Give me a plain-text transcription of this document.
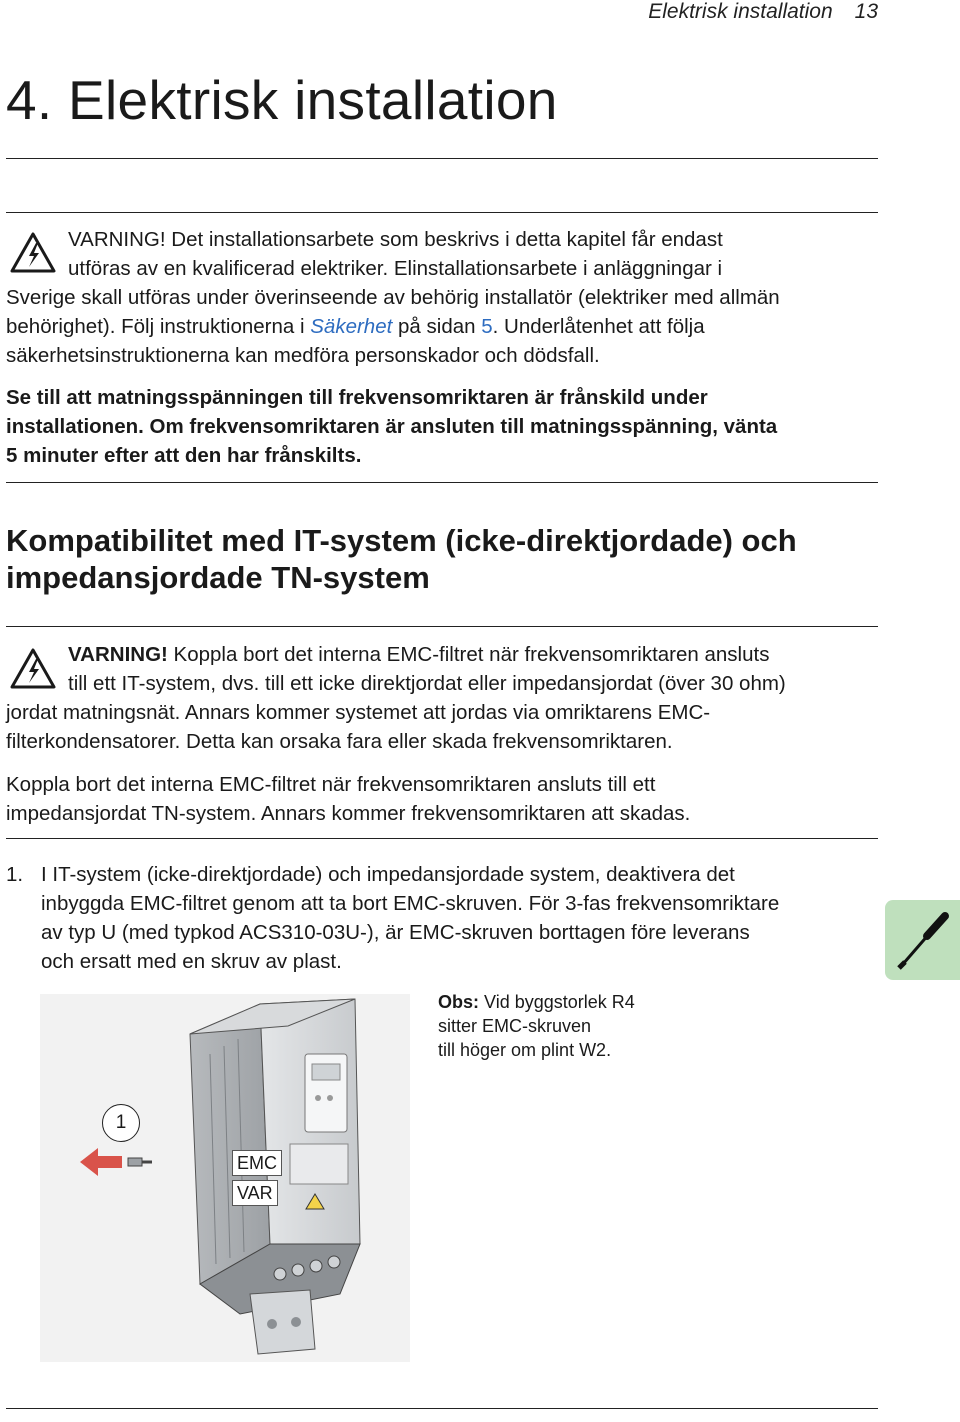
Elektrisk installation 13
4. Elektrisk installation
VARNING! Det installationsarbete som beskrivs i detta kapitel får endast
utföras av en kvalificerad elektriker. Elinstallationsarbete i anläggningar i
Sverige skall utföras under överinseende av behörig installatör (elektriker med allmän
behörighet). Följ instruktionerna i Säkerhet på sidan 5. Underlåtenhet att följa
säkerhetsinstruktionerna kan medföra personskador och dödsfall.
Se till att matningsspänningen till frekvensomriktaren är frånskild under
installationen. Om frekvensomriktaren är ansluten till matningsspänning, vänta
5 minuter efter att den har frånskilts.
Kompatibilitet med IT-system (icke-direktjordade) och
impedansjordade TN-system
VARNING! Koppla bort det interna EMC-filtret när frekvensomriktaren ansluts
till ett IT-system, dvs. till ett icke direktjordat eller impedansjordat (över 30 ohm)
jordat matningsnät. Annars kommer systemet att jordas via omriktarens EMC-
filterkondensatorer. Detta kan orsaka fara eller skada frekvensomriktaren.
Koppla bort det interna EMC-filtret när frekvensomriktaren ansluts till ett
impedansjordat TN-system. Annars kommer frekvensomriktaren att skadas.
1. I IT-system (icke-direktjordade) och impedansjordade system, deaktivera det
inbyggda EMC-filtret genom att ta bort EMC-skruven. För 3-fas frekvensomriktare
av typ U (med typkod ACS310-03U-), är EMC-skruven borttagen före leverans
och ersatt med en skruv av plast.
Obs: Vid byggstorlek R4
sitter EMC-skruven
till höger om plint W2.
1
EMC
VAR
